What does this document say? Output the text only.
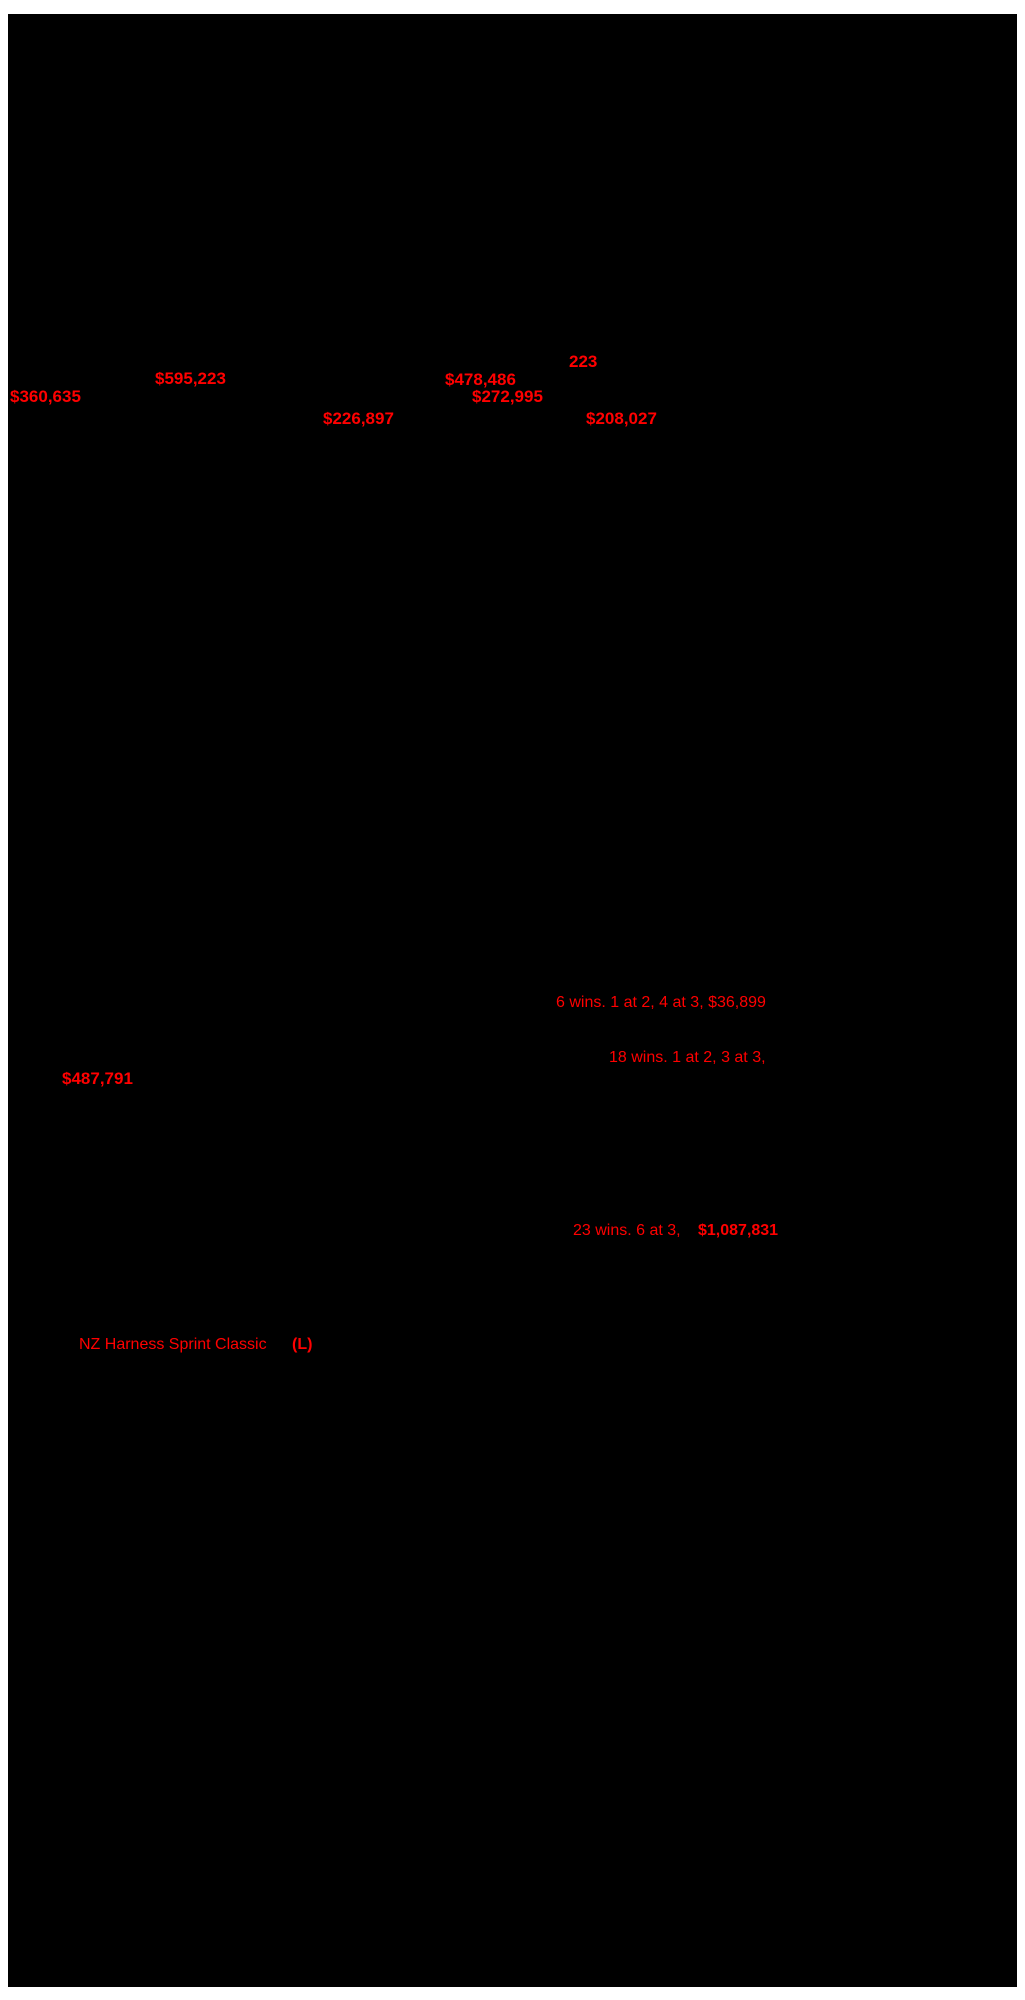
$360,635
$595,223
$226,897
$478,486
$272,995
223
$208,027
6 wins. 1 at 2, 4 at 3, $36,899
18 wins. 1 at 2, 3 at 3,
$487,791
23 wins. 6 at 3, $1,087,831
NZ Harness Sprint Classic (L)
